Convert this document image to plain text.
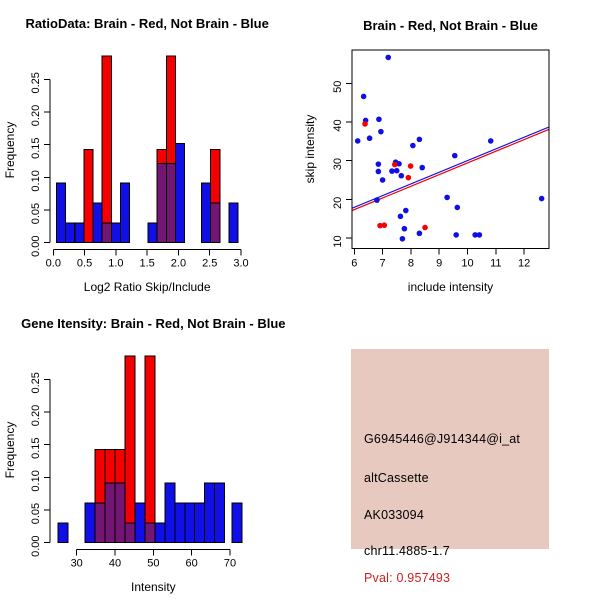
0.0 0.5 1.0 1.5 2.0 2.5 3.0
0.00
0.05
0.10
0.15
0.20
0.25
RatioData: Brain - Red, Not Brain - Blue
Log2 Ratio Skip/Include
Frequency
6 7 8 9 10 11 12
10
20
30
40
50
Brain - Red, Not Brain - Blue
include intensity
skip intensity
30 40 50 60 70
0.00
0.05
0.10
0.15
0.20
0.25
Gene Itensity: Brain - Red, Not Brain - Blue
Intensity
Frequency	G6945446@J914344@i_at
altCassette
AK033094
chr11.4885-1.7
Pval: 0.957493
